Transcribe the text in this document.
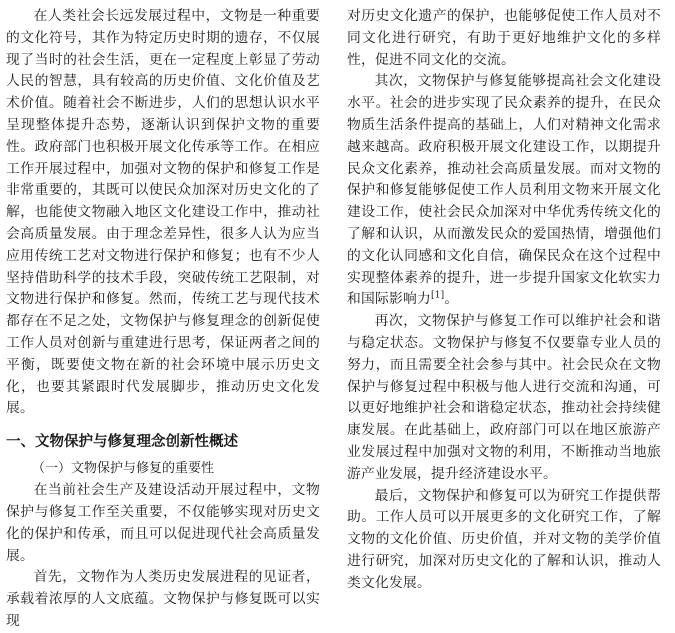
在人类社会长远发展过程中，文物是一种重要的文化符号，其作为特定历史时期的遗存，不仅展现了当时的社会生活，更在一定程度上彰显了劳动人民的智慧，具有较高的历史价值、文化价值及艺术价值。随着社会不断进步，人们的思想认识水平呈现整体提升态势，逐渐认识到保护文物的重要性。政府部门也积极开展文化传承等工作。在相应工作开展过程中，加强对文物的保护和修复工作是非常重要的，其既可以使民众加深对历史文化的了解，也能使文物融入地区文化建设工作中，推动社会高质量发展。由于理念差异性，很多人认为应当应用传统工艺对文物进行保护和修复；也有不少人坚持借助科学的技术手段，突破传统工艺限制，对文物进行保护和修复。然而，传统工艺与现代技术都存在不足之处，文物保护与修复理念的创新促使工作人员对创新与重建进行思考，保证两者之间的平衡，既要使文物在新的社会环境中展示历史文化，也要其紧跟时代发展脚步，推动历史文化发展。

一、文物保护与修复理念创新性概述
（一）文物保护与修复的重要性

在当前社会生产及建设活动开展过程中，文物保护与修复工作至关重要，不仅能够实现对历史文化的保护和传承，而且可以促进现代社会高质量发展。

首先，文物作为人类历史发展进程的见证者，承载着浓厚的人文底蕴。文物保护与修复既可以实现

对历史文化遗产的保护，也能够促使工作人员对不同文化进行研究，有助于更好地维护文化的多样性，促进不同文化的交流。

其次，文物保护与修复能够提高社会文化建设水平。社会的进步实现了民众素养的提升，在民众物质生活条件提高的基础上，人们对精神文化需求越来越高。政府积极开展文化建设工作，以期提升民众文化素养，推动社会高质量发展。而对文物的保护和修复能够促使工作人员利用文物来开展文化建设工作，使社会民众加深对中华优秀传统文化的了解和认识，从而激发民众的爱国热情，增强他们的文化认同感和文化自信，确保民众在这个过程中实现整体素养的提升，进一步提升国家文化软实力和国际影响力[1]。

再次，文物保护与修复工作可以维护社会和谐与稳定状态。文物保护与修复不仅要靠专业人员的努力，而且需要全社会参与其中。社会民众在文物保护与修复过程中积极与他人进行交流和沟通，可以更好地维护社会和谐稳定状态，推动社会持续健康发展。在此基础上，政府部门可以在地区旅游产业发展过程中加强对文物的利用，不断推动当地旅游产业发展，提升经济建设水平。

最后，文物保护和修复可以为研究工作提供帮助。工作人员可以开展更多的文化研究工作，了解文物的文化价值、历史价值，并对文物的美学价值进行研究，加深对历史文化的了解和认识，推动人类文化发展。
